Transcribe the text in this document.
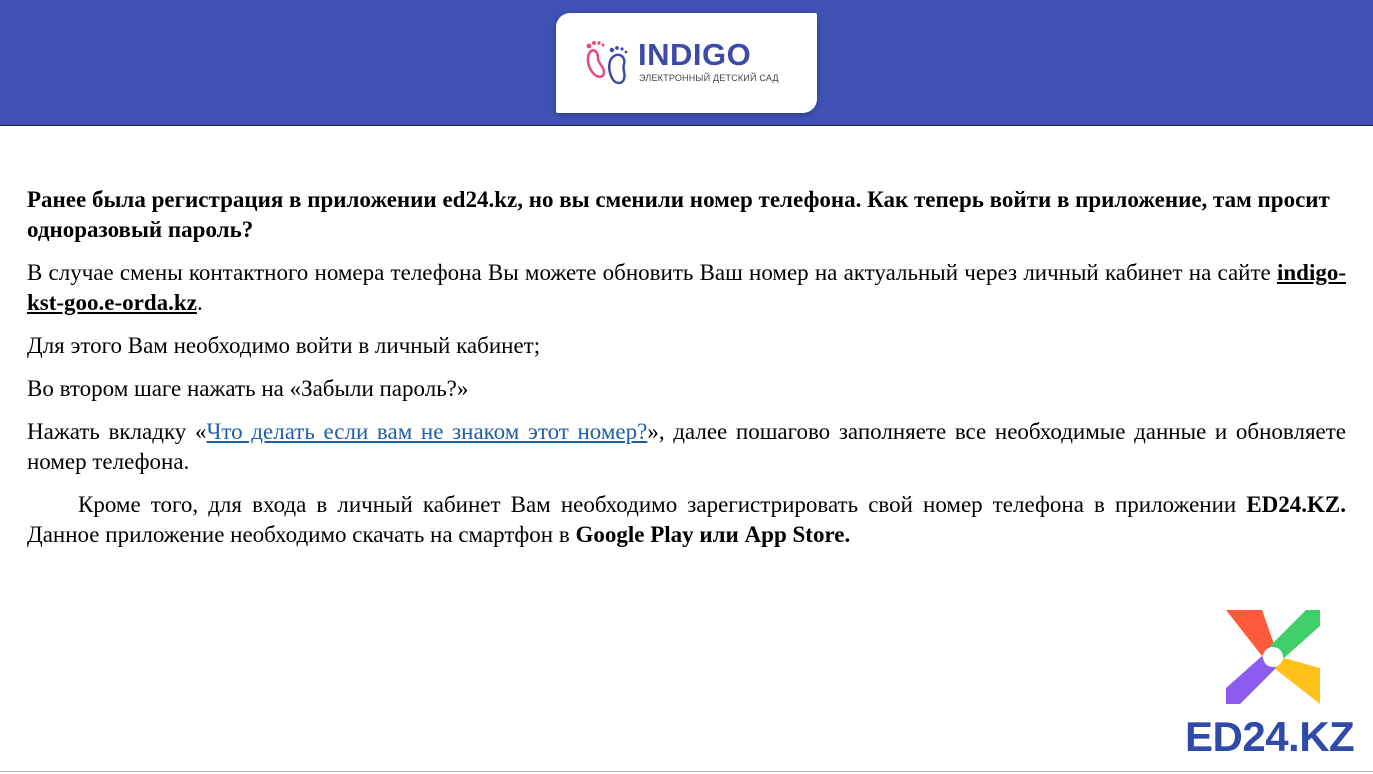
INDIGO
ЭЛЕКТРОННЫЙ ДЕТСКИЙ САД

Ранее была регистрация в приложении ed24.kz, но вы сменили номер телефона. Как теперь войти в приложение, там просит одноразовый пароль?

В случае смены контактного номера телефона Вы можете обновить Ваш номер на актуальный через личный кабинет на сайте indigo-kst-goo.e-orda.kz.

Для этого Вам необходимо войти в личный кабинет;

Во втором шаге нажать на «Забыли пароль?»

Нажать вкладку «Что делать если вам не знаком этот номер?», далее пошагово заполняете все необходимые данные и обновляете номер телефона.

Кроме того, для входа в личный кабинет Вам необходимо зарегистрировать свой номер телефона в приложении ED24.KZ. Данное приложение необходимо скачать на смартфон в Google Play или App Store.

ED24.KZ
